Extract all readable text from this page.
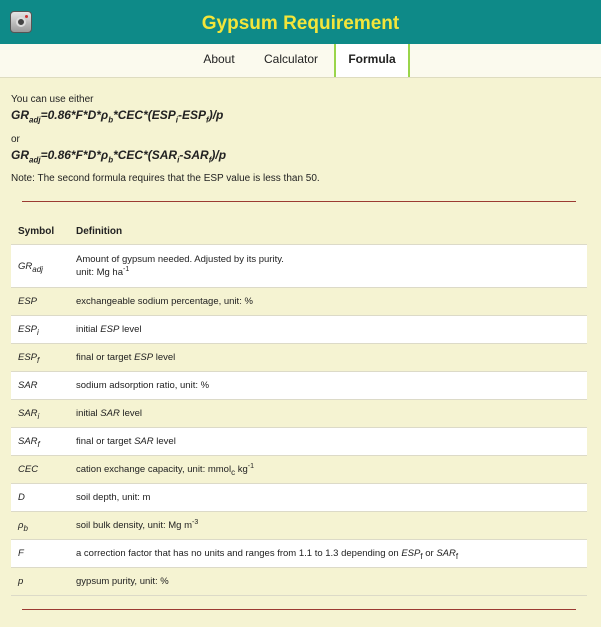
Gypsum Requirement
About	Calculator	Formula
You can use either
$GR_{adj}=0.86*F*D*\rho_b*CEC*(ESP_i-ESP_f)/p$
or
$GR_{adj}=0.86*F*D*\rho_b*CEC*(SAR_i-SAR_f)/p$
Note: The second formula requires that the ESP value is less than 50.
Symbol	Definition
$GR_{adj}$	Amount of gypsum needed. Adjusted by its purity.
unit: Mg $ha^{-1}$

ESP	exchangeable sodium percentage, unit: %
$ESP_i$	initial ESP level
$ESP_f$	final or target ESP level
SAR	sodium adsorption ratio, unit: %
$SAR_i$	initial SAR level
$SAR_f$	final or target SAR level
CEC	cation exchange capacity, unit: mmol$_c$ $kg^{-1}$
D	soil depth, unit: m
$\rho_b$	soil bulk density, unit: Mg $m^{-3}$
F	a correction factor that has no units and ranges from 1.1 to 1.3 depending on $ESP_f$ or $SAR_f$
p	gypsum purity, unit: %
